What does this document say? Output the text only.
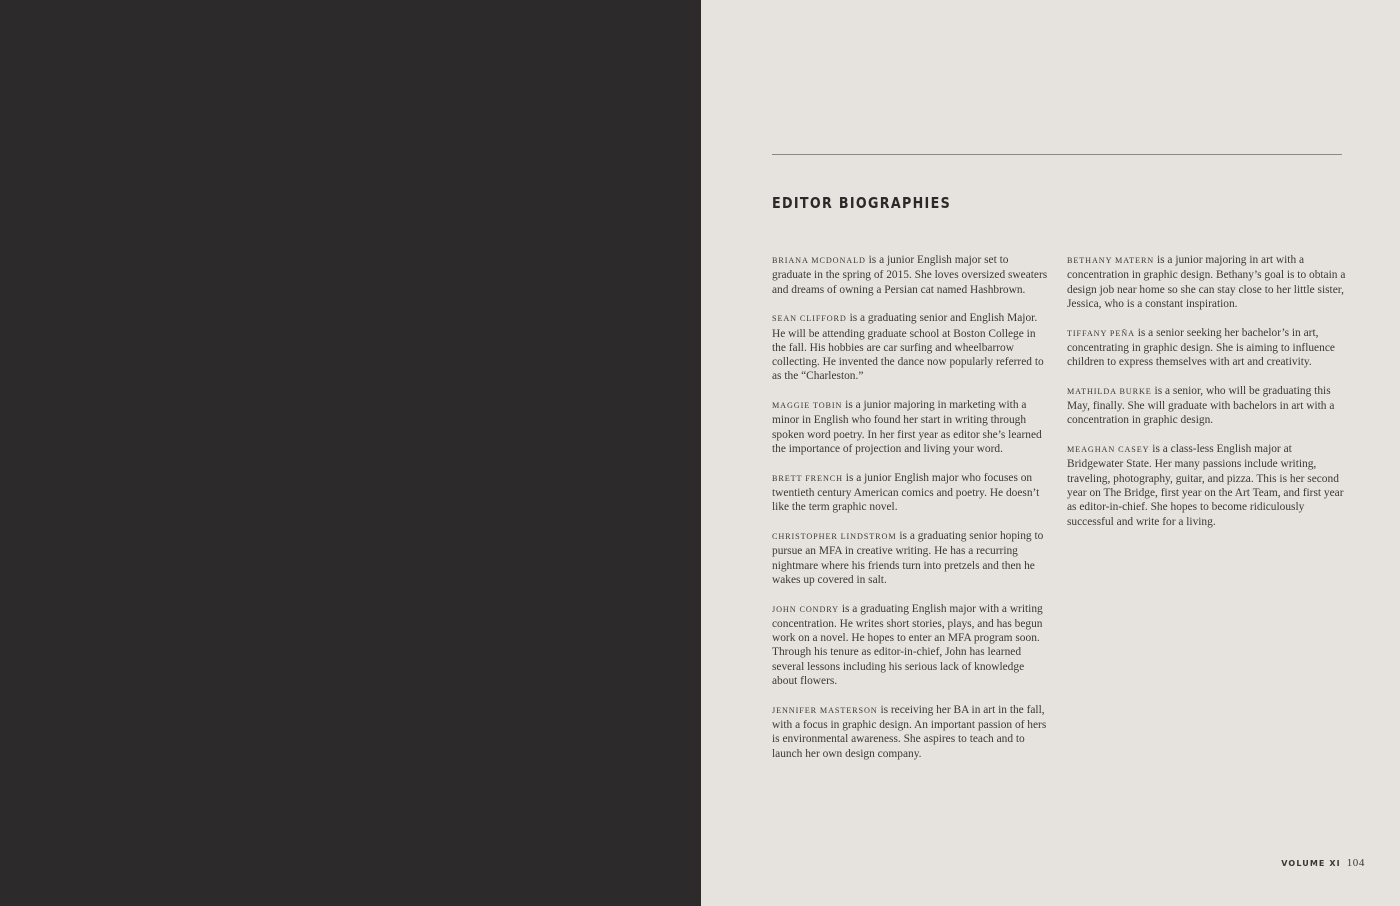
EDITOR BIOGRAPHIES

BRIANA MCDONALD is a junior English major set to graduate in the spring of 2015. She loves oversized sweaters and dreams of owning a Persian cat named Hashbrown.

SEAN CLIFFORD is a graduating senior and English Major. He will be attending graduate school at Boston College in the fall. His hobbies are car surfing and wheelbarrow collecting. He invented the dance now popularly referred to as the “Charleston.”

MAGGIE TOBIN is a junior majoring in marketing with a minor in English who found her start in writing through spoken word poetry. In her first year as editor she’s learned the importance of projection and living your word.

BRETT FRENCH is a junior English major who focuses on twentieth century American comics and poetry. He doesn’t like the term graphic novel.

CHRISTOPHER LINDSTROM is a graduating senior hoping to pursue an MFA in creative writing. He has a recurring nightmare where his friends turn into pretzels and then he wakes up covered in salt.

JOHN CONDRY is a graduating English major with a writing concentration. He writes short stories, plays, and has begun work on a novel. He hopes to enter an MFA program soon. Through his tenure as editor-in-chief, John has learned several lessons including his serious lack of knowledge about flowers.

JENNIFER MASTERSON is receiving her BA in art in the fall, with a focus in graphic design. An important passion of hers is environmental awareness. She aspires to teach and to launch her own design company.

BETHANY MATERN is a junior majoring in art with a concentration in graphic design. Bethany’s goal is to obtain a design job near home so she can stay close to her little sister, Jessica, who is a constant inspiration.

TIFFANY PEÑA is a senior seeking her bachelor’s in art, concentrating in graphic design. She is aiming to influence children to express themselves with art and creativity.

MATHILDA BURKE is a senior, who will be graduating this May, finally. She will graduate with bachelors in art with a concentration in graphic design.

MEAGHAN CASEY is a class-less English major at Bridgewater State. Her many passions include writing, traveling, photography, guitar, and pizza. This is her second year on The Bridge, first year on the Art Team, and first year as editor-in-chief. She hopes to become ridiculously successful and write for a living.

VOLUME XI 104
